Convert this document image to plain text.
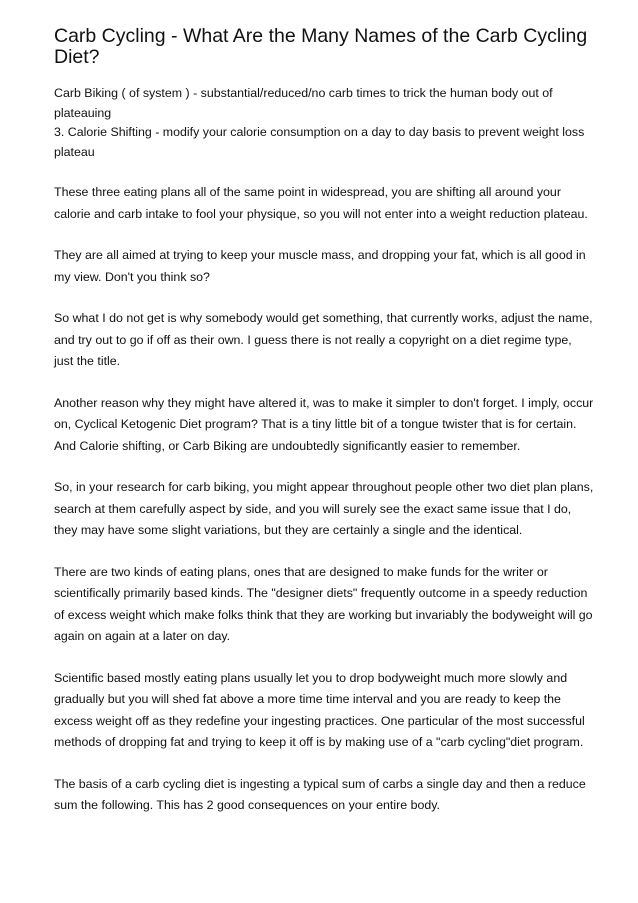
Carb Cycling - What Are the Many Names of the Carb Cycling Diet?

Carb Biking ( of system ) - substantial/reduced/no carb times to trick the human body out of plateauing

3. Calorie Shifting - modify your calorie consumption on a day to day basis to prevent weight loss plateau

These three eating plans all of the same point in widespread, you are shifting all around your calorie and carb intake to fool your physique, so you will not enter into a weight reduction plateau.

They are all aimed at trying to keep your muscle mass, and dropping your fat, which is all good in my view. Don't you think so?

So what I do not get is why somebody would get something, that currently works, adjust the name, and try out to go if off as their own. I guess there is not really a copyright on a diet regime type, just the title.

Another reason why they might have altered it, was to make it simpler to don't forget. I imply, occur on, Cyclical Ketogenic Diet program? That is a tiny little bit of a tongue twister that is for certain. And Calorie shifting, or Carb Biking are undoubtedly significantly easier to remember.

So, in your research for carb biking, you might appear throughout people other two diet plan plans, search at them carefully aspect by side, and you will surely see the exact same issue that I do, they may have some slight variations, but they are certainly a single and the identical.

There are two kinds of eating plans, ones that are designed to make funds for the writer or scientifically primarily based kinds. The "designer diets" frequently outcome in a speedy reduction of excess weight which make folks think that they are working but invariably the bodyweight will go again on again at a later on day.

Scientific based mostly eating plans usually let you to drop bodyweight much more slowly and gradually but you will shed fat above a more time time interval and you are ready to keep the excess weight off as they redefine your ingesting practices. One particular of the most successful methods of dropping fat and trying to keep it off is by making use of a "carb cycling"diet program.

The basis of a carb cycling diet is ingesting a typical sum of carbs a single day and then a reduce sum the following. This has 2 good consequences on your entire body.
